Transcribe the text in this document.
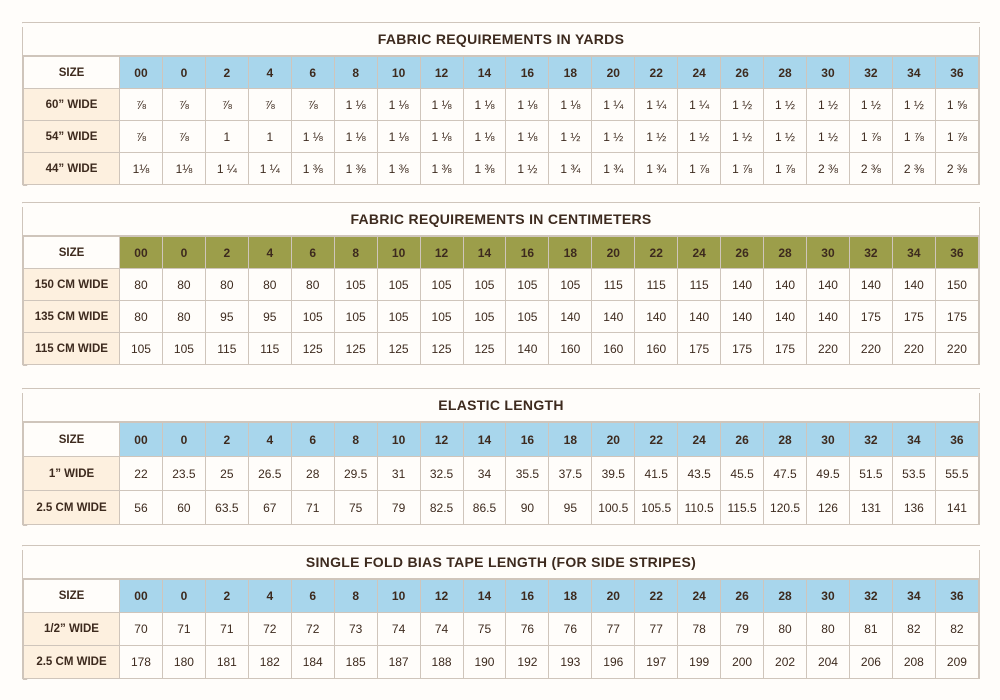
FABRIC REQUIREMENTS IN YARDS
SIZE	00	0	2	4	6	8	10	12	14	16	18	20	22	24	26	28	30	32	34	36
60” WIDE	⅞	⅞	⅞	⅞	⅞	1 ⅛	1 ⅛	1 ⅛	1 ⅛	1 ⅛	1 ⅛	1 ¼	1 ¼	1 ¼	1 ½	1 ½	1 ½	1 ½	1 ½	1 ⅝
54” WIDE	⅞	⅞	1	1	1 ⅛	1 ⅛	1 ⅛	1 ⅛	1 ⅛	1 ⅛	1 ½	1 ½	1 ½	1 ½	1 ½	1 ½	1 ½	1 ⅞	1 ⅞	1 ⅞
44” WIDE	1⅛	1⅛	1 ¼	1 ¼	1 ⅜	1 ⅜	1 ⅜	1 ⅜	1 ⅜	1 ½	1 ¾	1 ¾	1 ¾	1 ⅞	1 ⅞	1 ⅞	2 ⅜	2 ⅜	2 ⅜	2 ⅜
FABRIC REQUIREMENTS IN CENTIMETERS
SIZE	00	0	2	4	6	8	10	12	14	16	18	20	22	24	26	28	30	32	34	36
150 CM WIDE	80	80	80	80	80	105	105	105	105	105	105	115	115	115	140	140	140	140	140	150
135 CM WIDE	80	80	95	95	105	105	105	105	105	105	140	140	140	140	140	140	140	175	175	175
115 CM WIDE	105	105	115	115	125	125	125	125	125	140	160	160	160	175	175	175	220	220	220	220
ELASTIC LENGTH
SIZE	00	0	2	4	6	8	10	12	14	16	18	20	22	24	26	28	30	32	34	36
1” WIDE	22	23.5	25	26.5	28	29.5	31	32.5	34	35.5	37.5	39.5	41.5	43.5	45.5	47.5	49.5	51.5	53.5	55.5
2.5 CM WIDE	56	60	63.5	67	71	75	79	82.5	86.5	90	95	100.5	105.5	110.5	115.5	120.5	126	131	136	141
SINGLE FOLD BIAS TAPE LENGTH (FOR SIDE STRIPES)
SIZE	00	0	2	4	6	8	10	12	14	16	18	20	22	24	26	28	30	32	34	36
1/2” WIDE	70	71	71	72	72	73	74	74	75	76	76	77	77	78	79	80	80	81	82	82
2.5 CM WIDE	178	180	181	182	184	185	187	188	190	192	193	196	197	199	200	202	204	206	208	209
